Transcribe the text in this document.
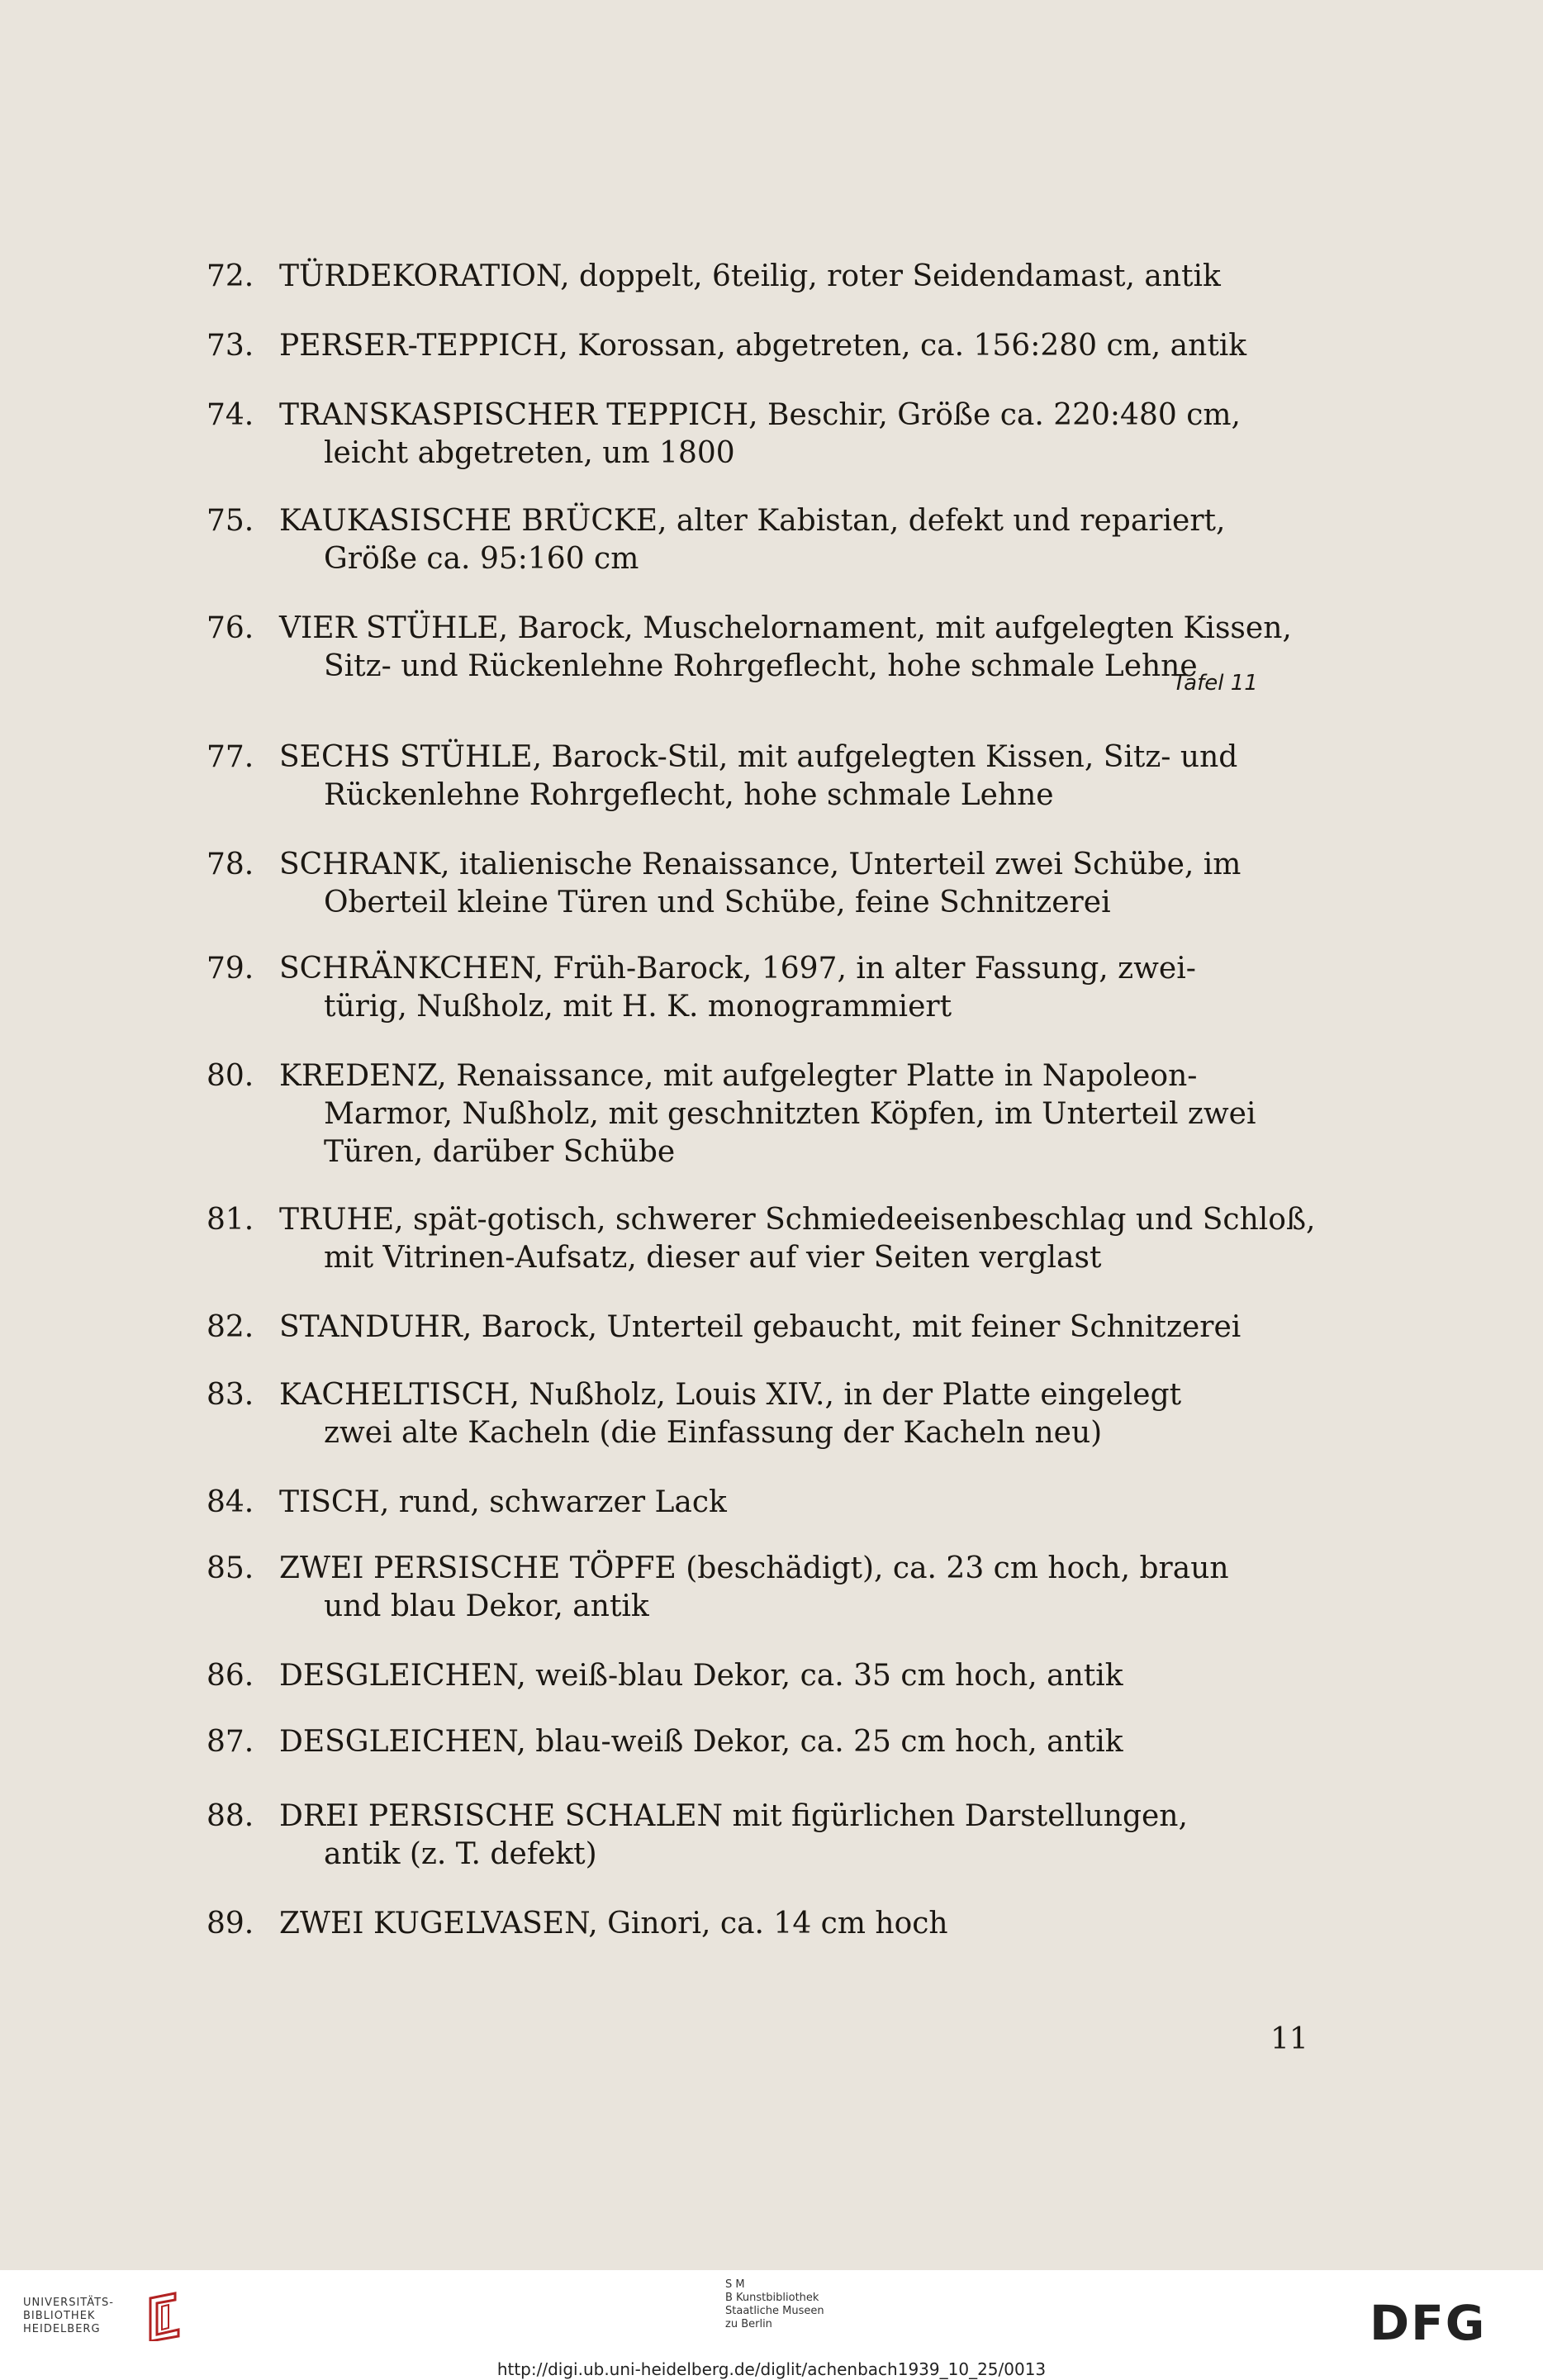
72. TÜRDEKORATION, doppelt, 6teilig, roter Seidendamast, antik
73. PERSER-TEPPICH, Korossan, abgetreten, ca. 156:280 cm, antik
74. TRANSKASPISCHER TEPPICH, Beschir, Größe ca. 220:480 cm,
leicht abgetreten, um 1800
75. KAUKASISCHE BRÜCKE, alter Kabistan, defekt und repariert,
Größe ca. 95:160 cm
76. VIER STÜHLE, Barock, Muschelornament, mit aufgelegten Kissen,
Sitz- und Rückenlehne Rohrgeflecht, hohe schmale Lehne
77. SECHS STÜHLE, Barock-Stil, mit aufgelegten Kissen, Sitz- und
Rückenlehne Rohrgeflecht, hohe schmale Lehne
78. SCHRANK, italienische Renaissance, Unterteil zwei Schübe, im
Oberteil kleine Türen und Schübe, feine Schnitzerei
79. SCHRÄNKCHEN, Früh-Barock, 1697, in alter Fassung, zwei-
türig, Nußholz, mit H. K. monogrammiert
80. KREDENZ, Renaissance, mit aufgelegter Platte in Napoleon-
Marmor, Nußholz, mit geschnitzten Köpfen, im Unterteil zwei
Türen, darüber Schübe
81. TRUHE, spät-gotisch, schwerer Schmiedeeisenbeschlag und Schloß,
mit Vitrinen-Aufsatz, dieser auf vier Seiten verglast
82. STANDUHR, Barock, Unterteil gebaucht, mit feiner Schnitzerei
83. KACHELTISCH, Nußholz, Louis XIV., in der Platte eingelegt
zwei alte Kacheln (die Einfassung der Kacheln neu)
84. TISCH, rund, schwarzer Lack
85. ZWEI PERSISCHE TÖPFE (beschädigt), ca. 23 cm hoch, braun
und blau Dekor, antik
86. DESGLEICHEN, weiß-blau Dekor, ca. 35 cm hoch, antik
87. DESGLEICHEN, blau-weiß Dekor, ca. 25 cm hoch, antik
88. DREI PERSISCHE SCHALEN mit figürlichen Darstellungen,
antik (z. T. defekt)
89. ZWEI KUGELVASEN, Ginori, ca. 14 cm hoch
Tafel 11
11
UNIVERSITÄTS-
BIBLIOTHEK
HEIDELBERG
S M
B Kunstbibliothek
Staatliche Museen
zu Berlin	DFG
http://digi.ub.uni-heidelberg.de/diglit/achenbach1939_10_25/0013
